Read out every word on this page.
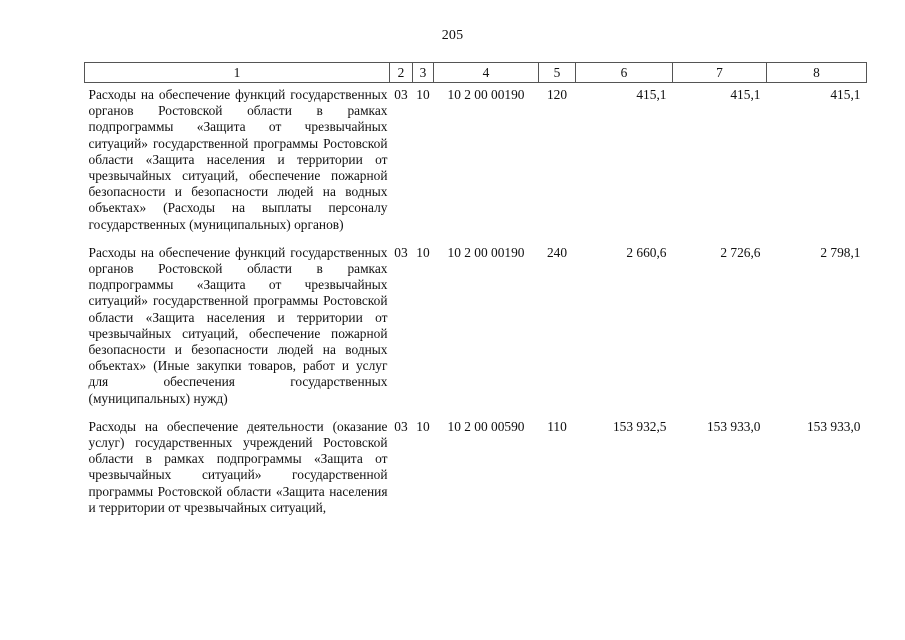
205
1	2	3	4	5	6	7	8
Расходы на обеспечение функций государственных органов Ростовской области в рамках подпрограммы «Защита от чрезвычайных ситуаций» государственной программы Ростовской области «Защита населения и территории от чрезвычайных ситуаций, обеспечение пожарной безопасности и безопасности людей на водных объектах» (Расходы на выплаты персоналу государственных (муниципальных) органов)	03	10	10 2 00 00190	120	415,1	415,1	415,1
Расходы на обеспечение функций государственных органов Ростовской области в рамках подпрограммы «Защита от чрезвычайных ситуаций» государственной программы Ростовской области «Защита населения и территории от чрезвычайных ситуаций, обеспечение пожарной безопасности и безопасности людей на водных объектах» (Иные закупки товаров, работ и услуг для обеспечения государственных (муниципальных) нужд)	03	10	10 2 00 00190	240	2 660,6	2 726,6	2 798,1
Расходы на обеспечение деятельности (оказание услуг) государственных учреждений Ростовской области в рамках подпрограммы «Защита от чрезвычайных ситуаций» государственной программы Ростовской области «Защита населения и территории от чрезвычайных ситуаций,	03	10	10 2 00 00590	110	153 932,5	153 933,0	153 933,0
